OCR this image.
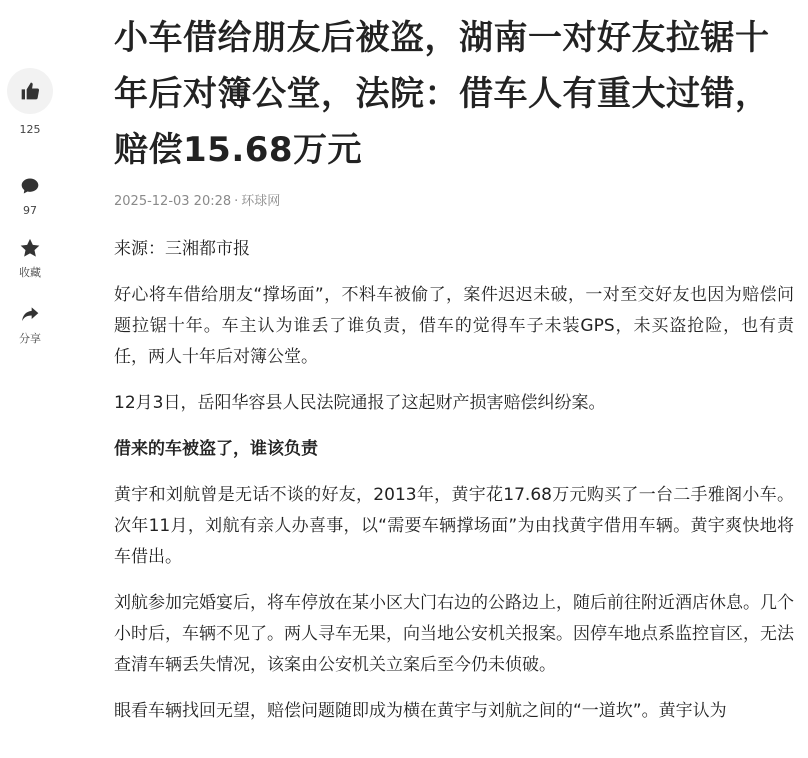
125
97
收藏
分享
小车借给朋友后被盗，湖南一对好友拉锯十年后对簿公堂，法院：借车人有重大过错，赔偿15.68万元
2025-12-03 20:28 · 环球网

来源：三湘都市报

好心将车借给朋友“撑场面”，不料车被偷了，案件迟迟未破，一对至交好友也因为赔偿问题拉锯十年。车主认为谁丢了谁负责，借车的觉得车子未装GPS，未买盗抢险，也有责任，两人十年后对簿公堂。

12月3日，岳阳华容县人民法院通报了这起财产损害赔偿纠纷案。

借来的车被盗了，谁该负责

黄宇和刘航曾是无话不谈的好友，2013年，黄宇花17.68万元购买了一台二手雅阁小车。次年11月，刘航有亲人办喜事，以“需要车辆撑场面”为由找黄宇借用车辆。黄宇爽快地将车借出。

刘航参加完婚宴后，将车停放在某小区大门右边的公路边上，随后前往附近酒店休息。几个小时后，车辆不见了。两人寻车无果，向当地公安机关报案。因停车地点系监控盲区，无法查清车辆丢失情况，该案由公安机关立案后至今仍未侦破。

眼看车辆找回无望，赔偿问题随即成为横在黄宇与刘航之间的“一道坎”。黄宇认为
